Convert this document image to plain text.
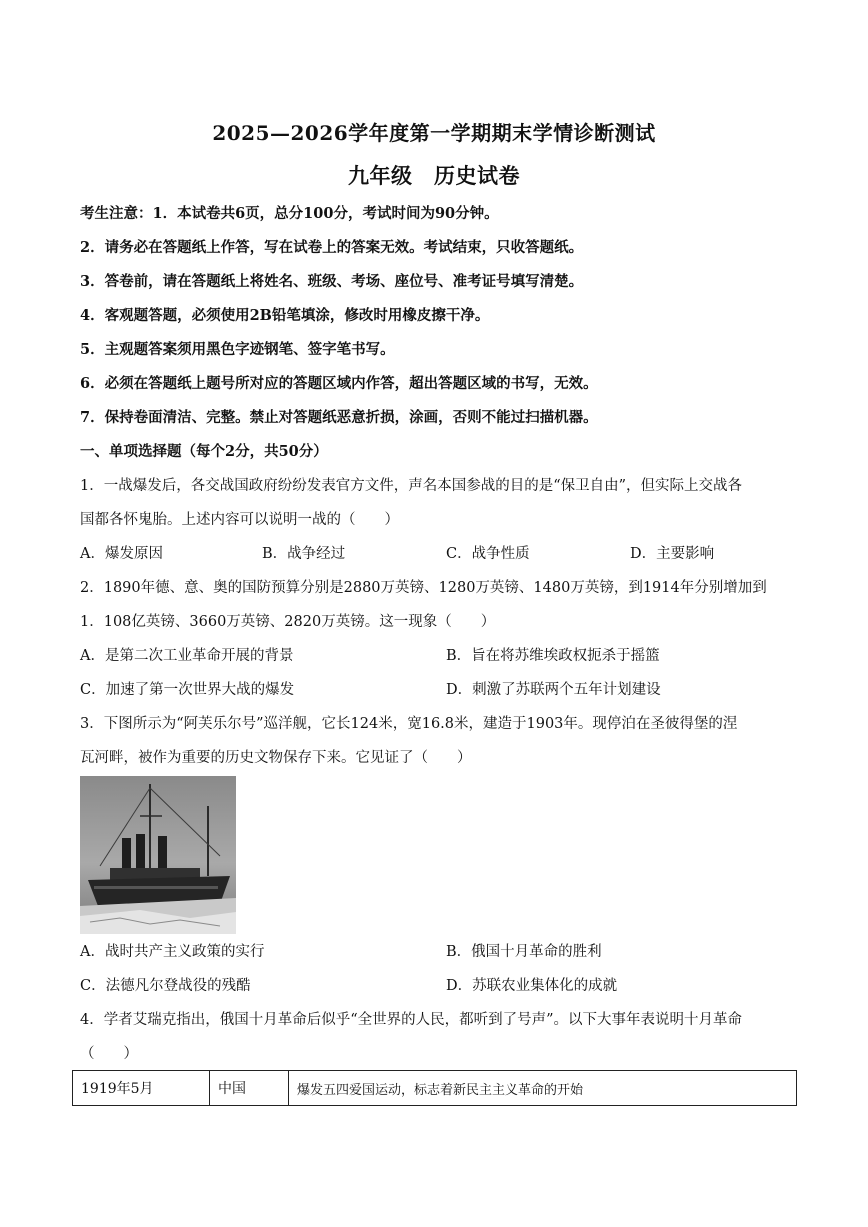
2025—2026学年度第一学期期末学情诊断测试
九年级　历史试卷
考生注意：1．本试卷共6页，总分100分，考试时间为90分钟。
2．请务必在答题纸上作答，写在试卷上的答案无效。考试结束，只收答题纸。
3．答卷前，请在答题纸上将姓名、班级、考场、座位号、准考证号填写清楚。
4．客观题答题，必须使用2B铅笔填涂，修改时用橡皮擦干净。
5．主观题答案须用黑色字迹钢笔、签字笔书写。
6．必须在答题纸上题号所对应的答题区域内作答，超出答题区域的书写，无效。
7．保持卷面清洁、完整。禁止对答题纸恶意折损，涂画，否则不能过扫描机器。
一、单项选择题（每个2分，共50分）
1．一战爆发后，各交战国政府纷纷发表官方文件，声名本国参战的目的是“保卫自由”，但实际上交战各
国都各怀鬼胎。上述内容可以说明一战的（　　）
A．爆发原因	B．战争经过	C．战争性质	D．主要影响
2．1890年德、意、奥的国防预算分别是2880万英镑、1280万英镑、1480万英镑，到1914年分别增加到
1．108亿英镑、3660万英镑、2820万英镑。这一现象（　　）
A．是第二次工业革命开展的背景	B．旨在将苏维埃政权扼杀于摇篮
C．加速了第一次世界大战的爆发	D．刺激了苏联两个五年计划建设
3．下图所示为“阿芙乐尔号”巡洋舰，它长124米，宽16.8米，建造于1903年。现停泊在圣彼得堡的涅
瓦河畔，被作为重要的历史文物保存下来。它见证了（　　）
A．战时共产主义政策的实行	B．俄国十月革命的胜利
C．法德凡尔登战役的残酷	D．苏联农业集体化的成就
4．学者艾瑞克指出，俄国十月革命后似乎“全世界的人民，都听到了号声”。以下大事年表说明十月革命
（　　）
1919年5月	中国	爆发五四爱国运动，标志着新民主主义革命的开始
